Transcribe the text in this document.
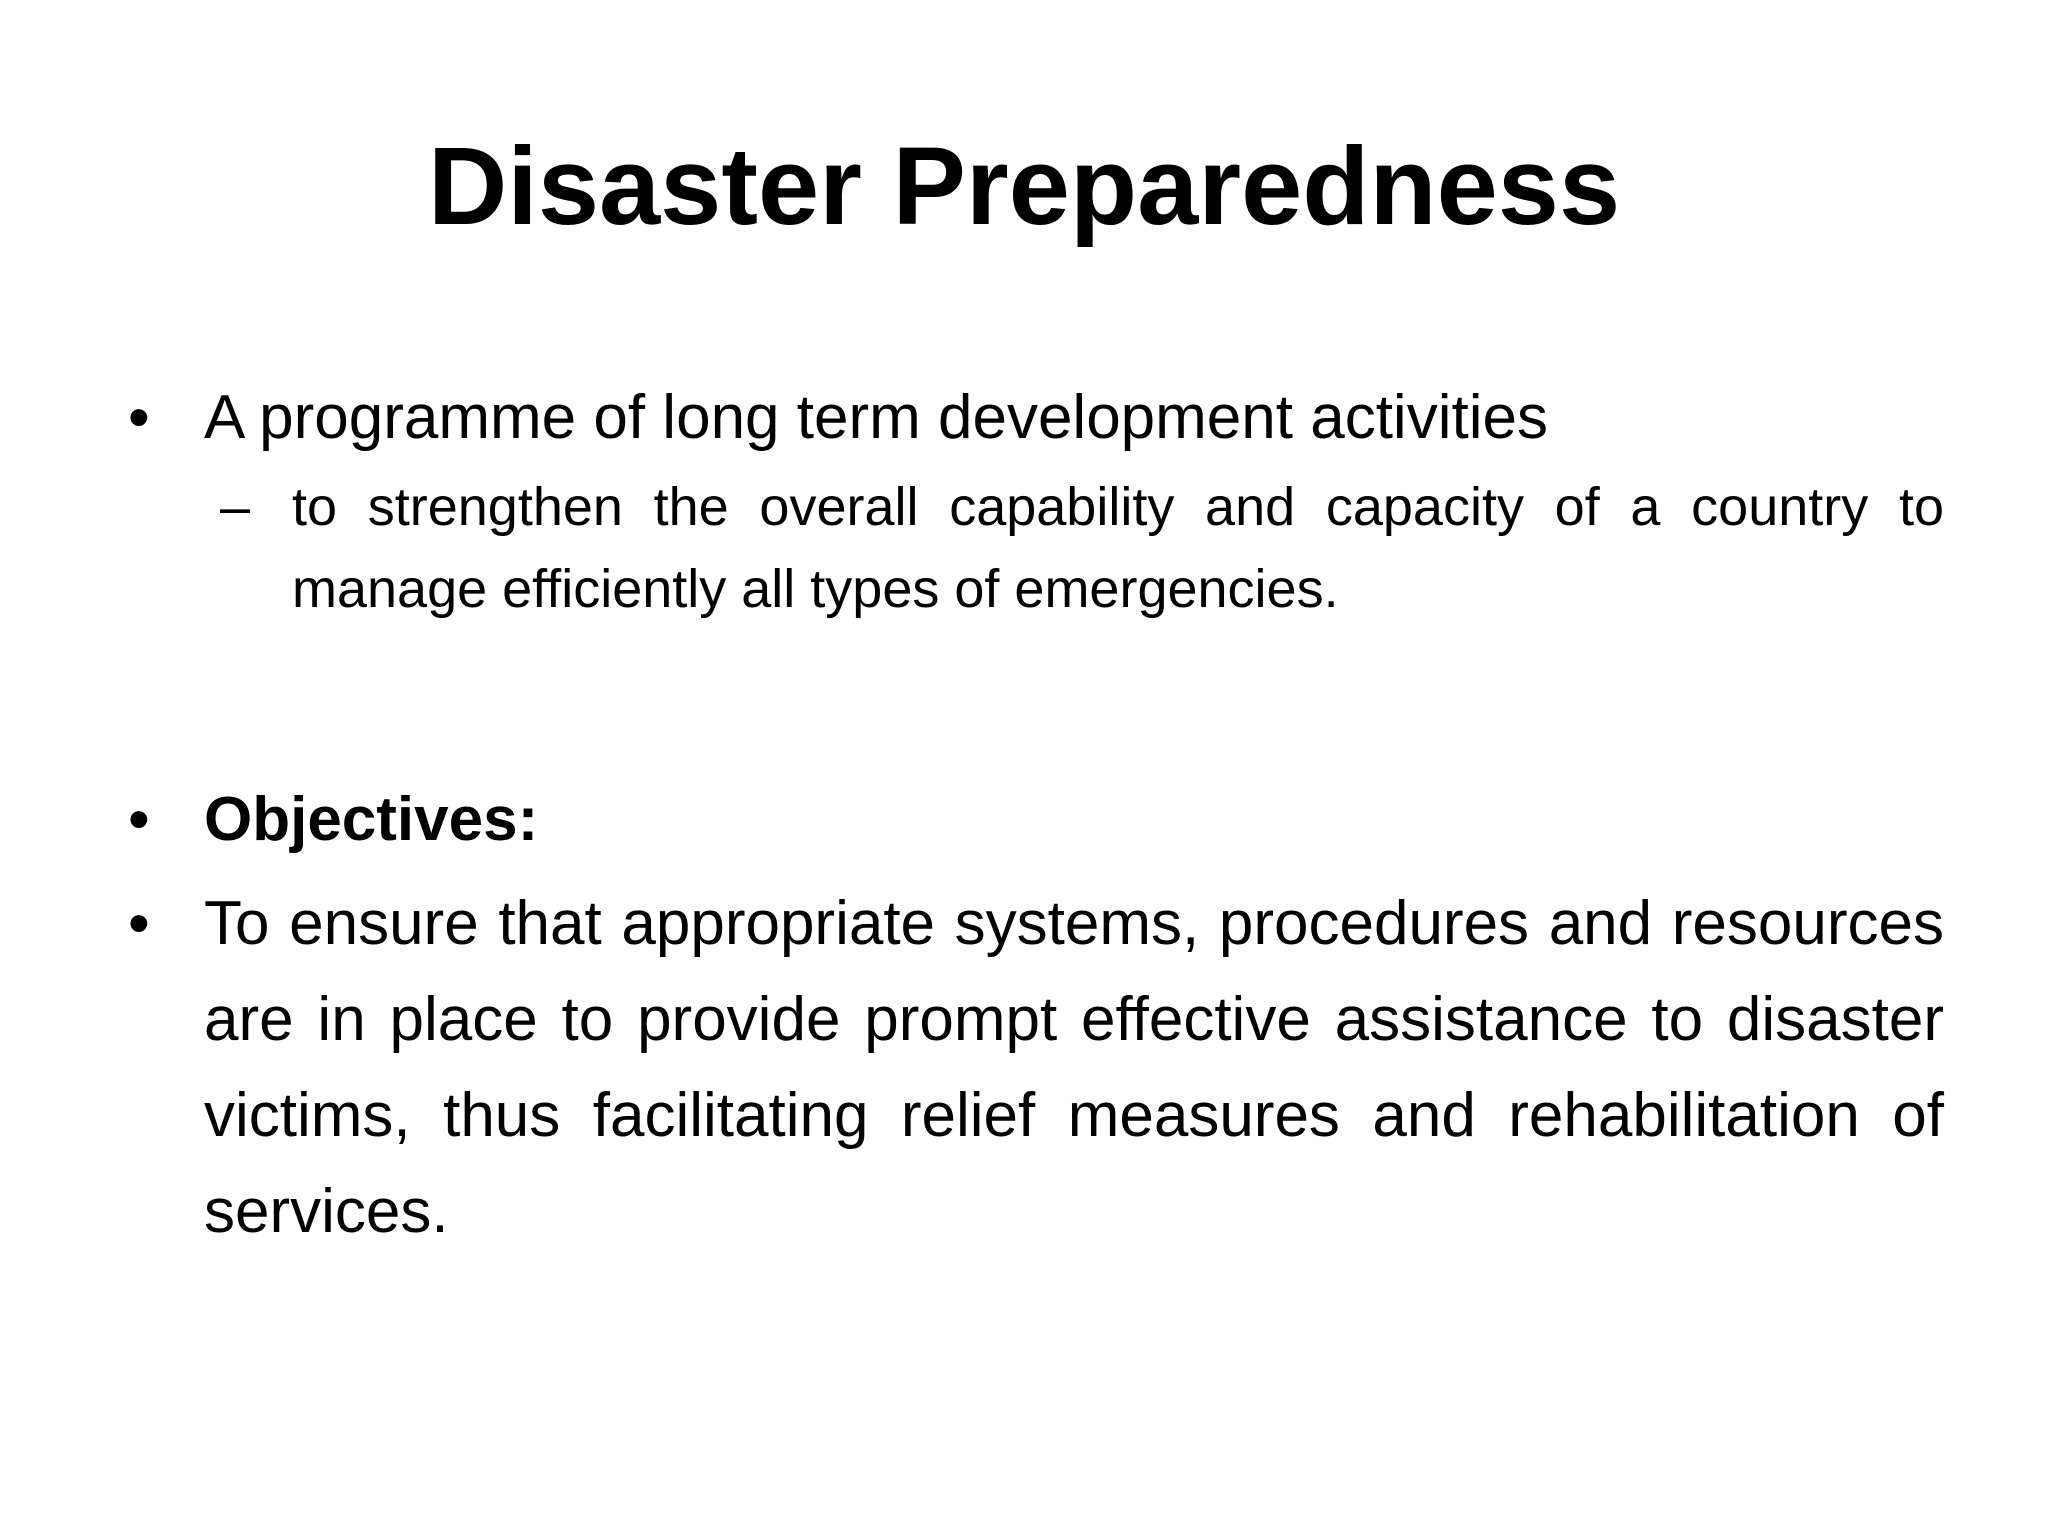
Disaster Preparedness
• A programme of long term development activities
– to strengthen the overall capability and capacity of a country to manage efficiently all types of emergencies.
• Objectives:
• To ensure that appropriate systems, procedures and resources are in place to provide prompt effective assistance to disaster victims, thus facilitating relief measures and rehabilitation of services.
